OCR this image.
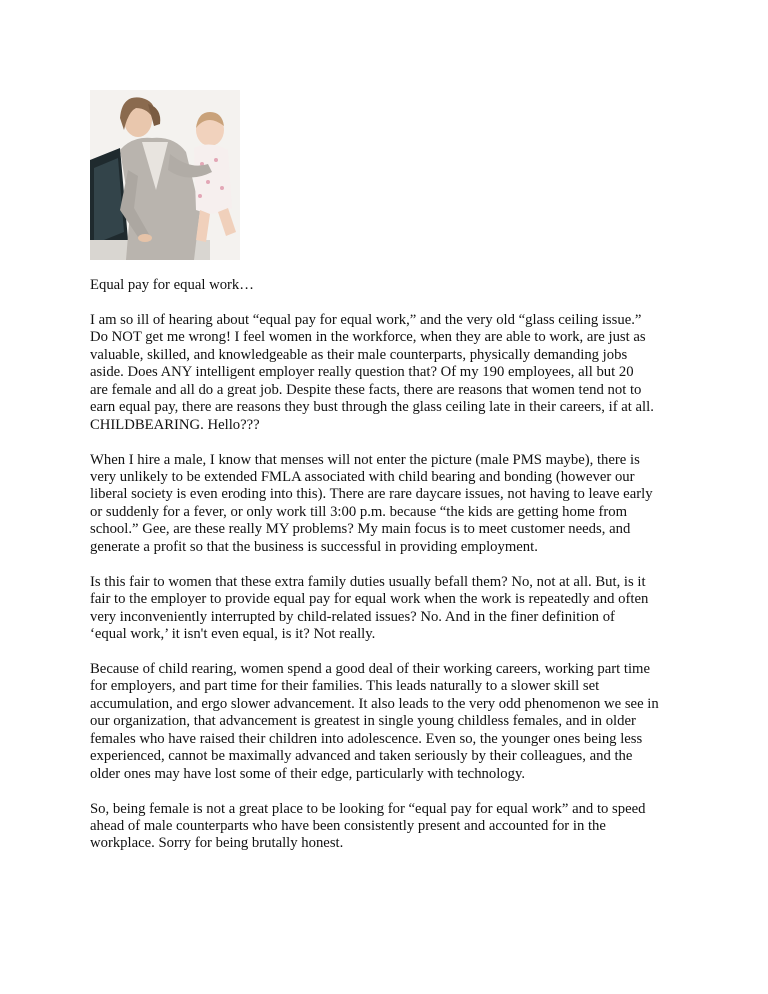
Equal pay for equal work…

I am so ill of hearing about “equal pay for equal work,” and the very old “glass ceiling issue.”
Do NOT get me wrong! I feel women in the workforce, when they are able to work, are just as
valuable, skilled, and knowledgeable as their male counterparts, physically demanding jobs
aside. Does ANY intelligent employer really question that? Of my 190 employees, all but 20
are female and all do a great job. Despite these facts, there are reasons that women tend not to
earn equal pay, there are reasons they bust through the glass ceiling late in their careers, if at all.
CHILDBEARING. Hello???

When I hire a male, I know that menses will not enter the picture (male PMS maybe), there is
very unlikely to be extended FMLA associated with child bearing and bonding (however our
liberal society is even eroding into this). There are rare daycare issues, not having to leave early
or suddenly for a fever, or only work till 3:00 p.m. because “the kids are getting home from
school.” Gee, are these really MY problems? My main focus is to meet customer needs, and
generate a profit so that the business is successful in providing employment.

Is this fair to women that these extra family duties usually befall them? No, not at all. But, is it
fair to the employer to provide equal pay for equal work when the work is repeatedly and often
very inconveniently interrupted by child-related issues? No. And in the finer definition of
‘equal work,’ it isn't even equal, is it? Not really.

Because of child rearing, women spend a good deal of their working careers, working part time
for employers, and part time for their families. This leads naturally to a slower skill set
accumulation, and ergo slower advancement. It also leads to the very odd phenomenon we see in
our organization, that advancement is greatest in single young childless females, and in older
females who have raised their children into adolescence. Even so, the younger ones being less
experienced, cannot be maximally advanced and taken seriously by their colleagues, and the
older ones may have lost some of their edge, particularly with technology.

So, being female is not a great place to be looking for “equal pay for equal work” and to speed
ahead of male counterparts who have been consistently present and accounted for in the
workplace. Sorry for being brutally honest.
